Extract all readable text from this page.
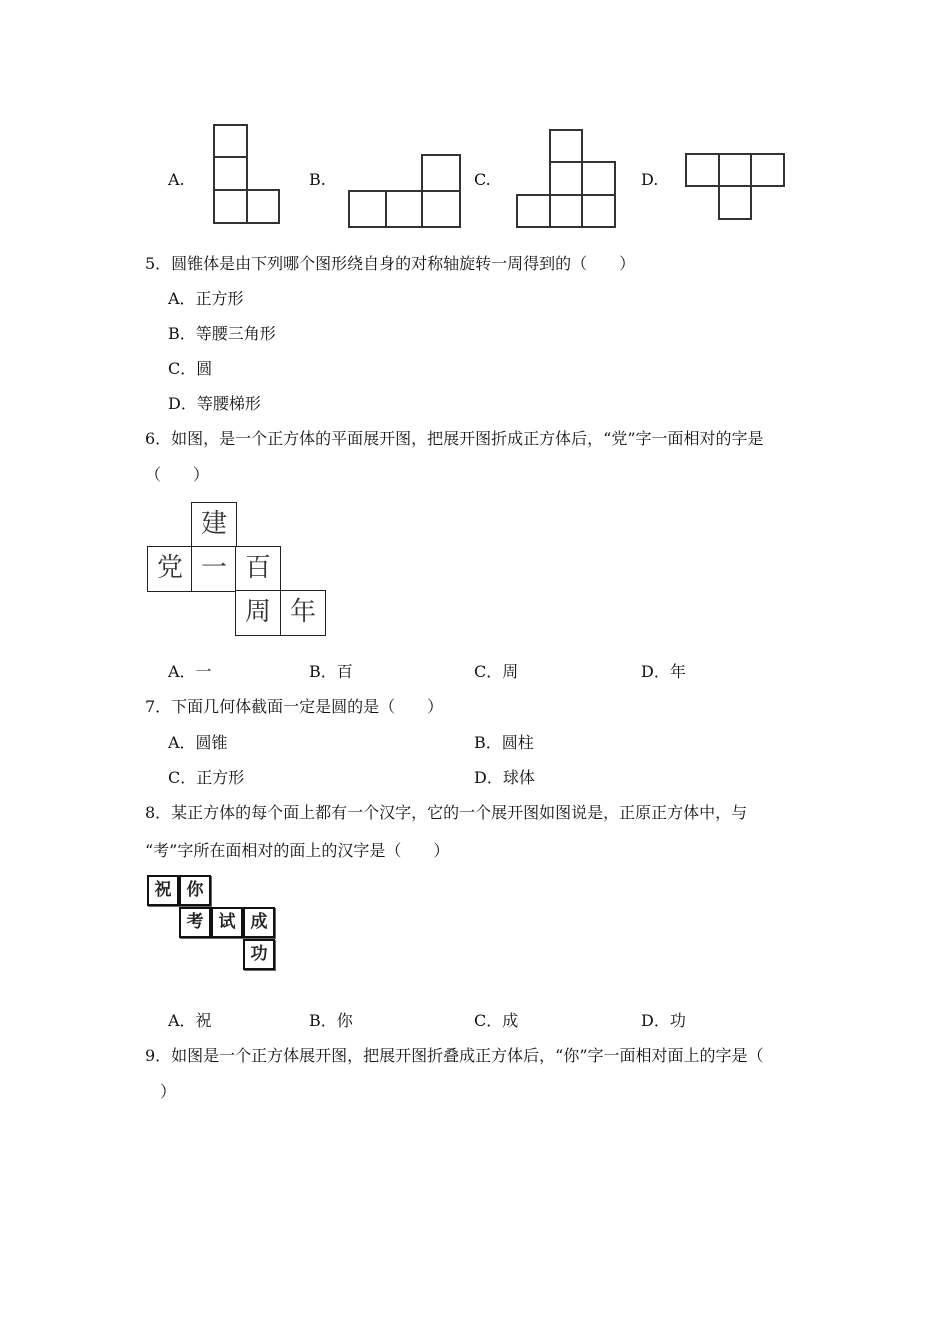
A.	B.	C.	D.
5．圆锥体是由下列哪个图形绕自身的对称轴旋转一周得到的（　　）
A．正方形
B．等腰三角形
C．圆
D．等腰梯形
6．如图，是一个正方体的平面展开图，把展开图折成正方体后，“党”字一面相对的字是
（　　）
建
党 一 百
周 年
A．一	B．百	C．周	D．年
7．下面几何体截面一定是圆的是（　　）
A．圆锥	B．圆柱
C．正方形	D．球体
8．某正方体的每个面上都有一个汉字，它的一个展开图如图说是，正原正方体中，与
“考”字所在面相对的面上的汉字是（　　）
祝 你
考 试 成
功
A．祝	B．你	C．成	D．功
9．如图是一个正方体展开图，把展开图折叠成正方体后，“你”字一面相对面上的字是（
）
